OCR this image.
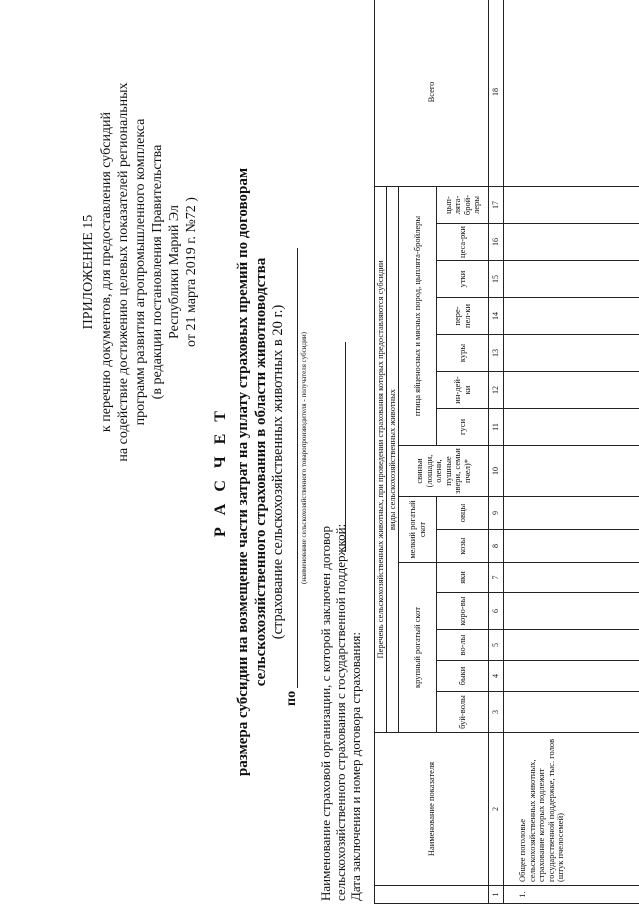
ПРИЛОЖЕНИЕ 15 к перечню документов, для предоставления субсидий на содействие достижению целевых показателей региональных программ развития агропромышленного комплекса (в редакции постановления Правительства Республики Марий Эл от 21 марта 2019 г. №72 )
Р А С Ч Е Т размера субсидии на возмещение части затрат на уплату страховых премий по договорам сельскохозяйственного страхования в области животноводства (страхование сельскохозяйственных животных в 20 г.)
по
(наименование сельскохозяйственного товаропроизводителя - получателя субсидии)
Наименование страховой организации, с которой заключен договор сельскохозяйственного страхования с государственной поддержкой: Дата заключения и номер договора страхования:
		Наименование показателя	Перечень сельскохозяйственных животных, при проведении страхования которых предоставляются субсидии															Всего
		виды сельскохозяйственных животных															
		крупный рогатый скот					мелкий рогатый скот		свиньи (лошади, олени, пушные звери, семьи пчел)*	птица яйценосных и мясных пород, цыплята-бройлеры							

		буй-волы	быки	во-лы	коро-вы	яки	козы	овцы		гуси	ин-дей-ки	куры	пере-пел-ки	утки	цеса-рки	цып-лята-брой-леры	
1	2	3	4	5	6	7	8	9	10	11	12	13	14	15	16	17	18
1.	Общее поголовье сельскохозяйственных животных, страхование которых подлежит государственной поддержке, тыс. голов (штук пчелосемей)																
